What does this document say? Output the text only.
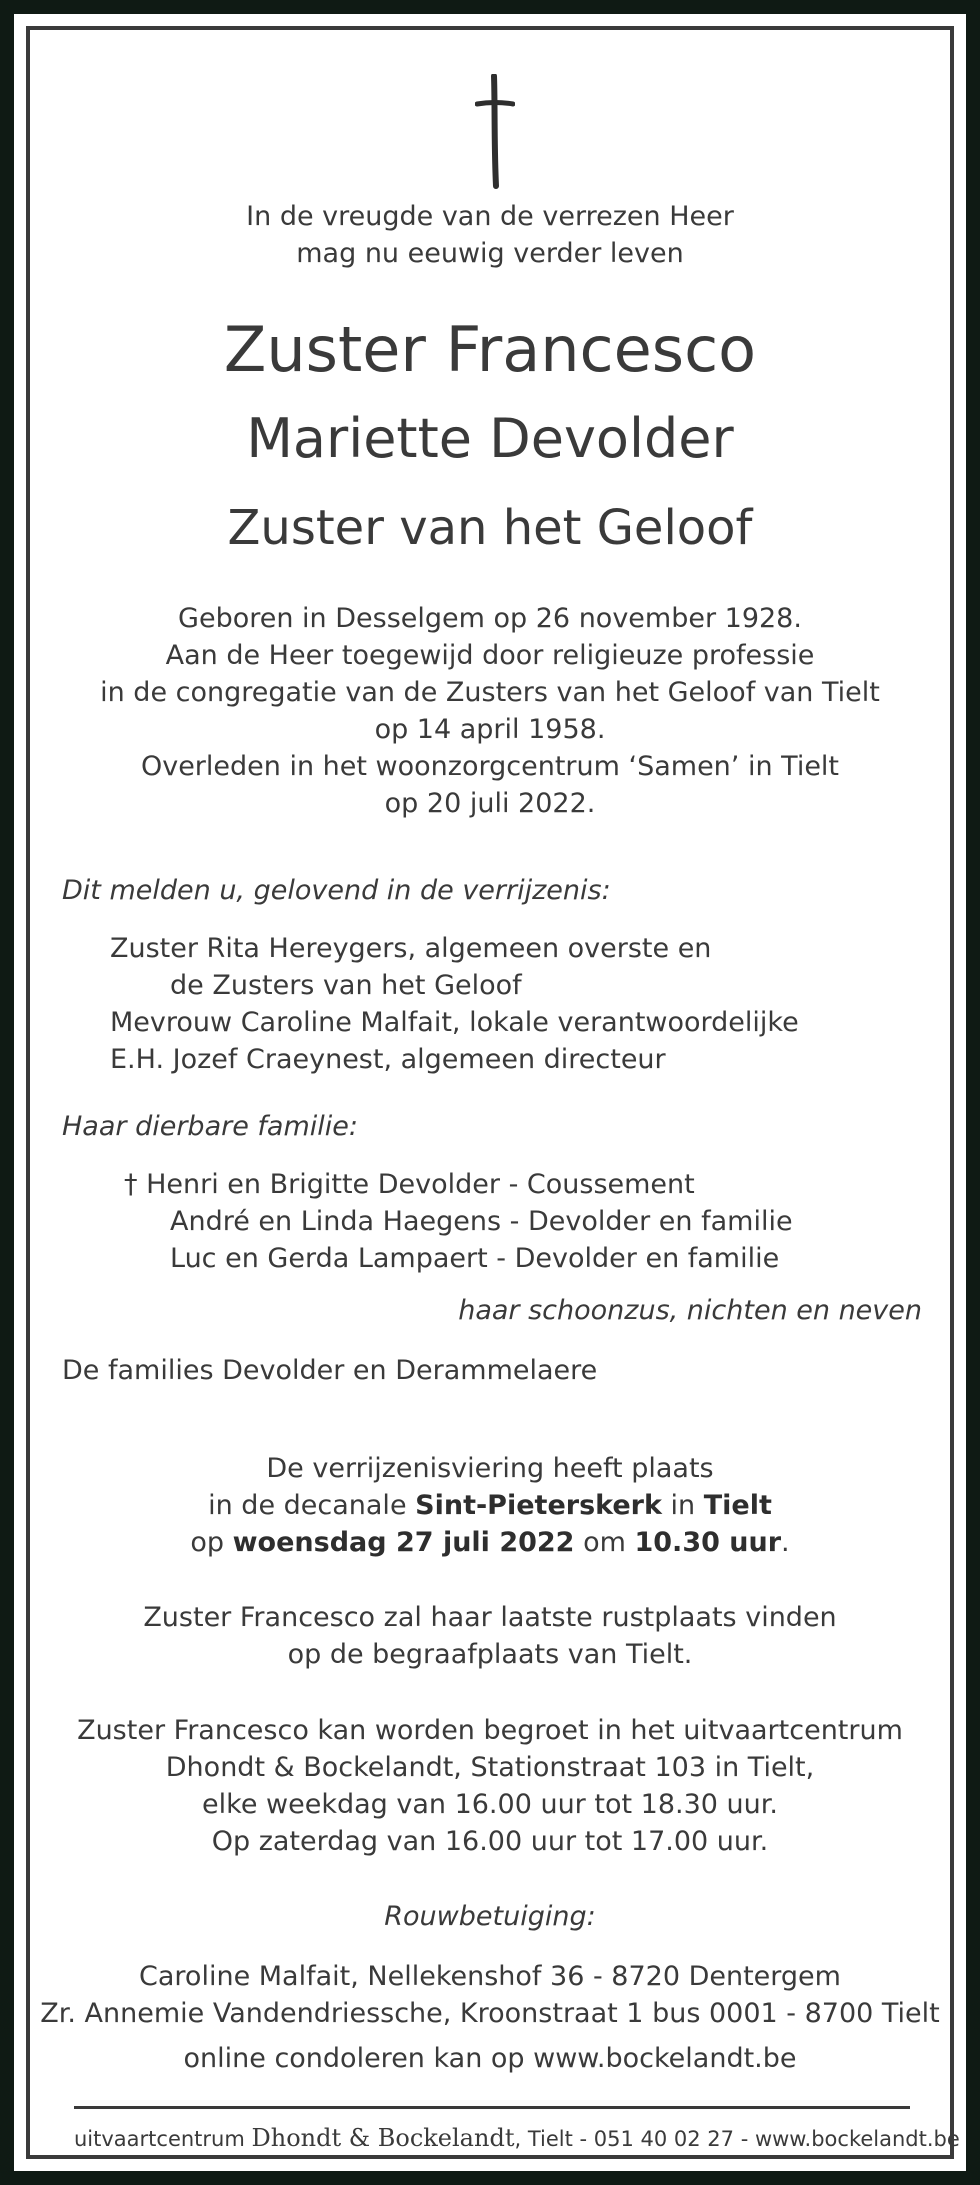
In de vreugde van de verrezen Heer
mag nu eeuwig verder leven
Zuster Francesco
Mariette Devolder
Zuster van het Geloof
Geboren in Desselgem op 26 november 1928.
Aan de Heer toegewijd door religieuze professie
in de congregatie van de Zusters van het Geloof van Tielt
op 14 april 1958.
Overleden in het woonzorgcentrum ‘Samen’ in Tielt
op 20 juli 2022.
Dit melden u, gelovend in de verrijzenis:
Zuster Rita Hereygers, algemeen overste en
de Zusters van het Geloof
Mevrouw Caroline Malfait, lokale verantwoordelijke
E.H. Jozef Craeynest, algemeen directeur
Haar dierbare familie:
† Henri en Brigitte Devolder - Coussement
André en Linda Haegens - Devolder en familie
Luc en Gerda Lampaert - Devolder en familie
haar schoonzus, nichten en neven
De families Devolder en Derammelaere
De verrijzenisviering heeft plaats
in de decanale Sint-Pieterskerk in Tielt
op woensdag 27 juli 2022 om 10.30 uur.
Zuster Francesco zal haar laatste rustplaats vinden
op de begraafplaats van Tielt.
Zuster Francesco kan worden begroet in het uitvaartcentrum
Dhondt & Bockelandt, Stationstraat 103 in Tielt,
elke weekdag van 16.00 uur tot 18.30 uur.
Op zaterdag van 16.00 uur tot 17.00 uur.
Rouwbetuiging:
Caroline Malfait, Nellekenshof 36 - 8720 Dentergem
Zr. Annemie Vandendriessche, Kroonstraat 1 bus 0001 - 8700 Tielt
online condoleren kan op www.bockelandt.be
uitvaartcentrum Dhondt & Bockelandt, Tielt - 051 40 02 27 - www.bockelandt.be
